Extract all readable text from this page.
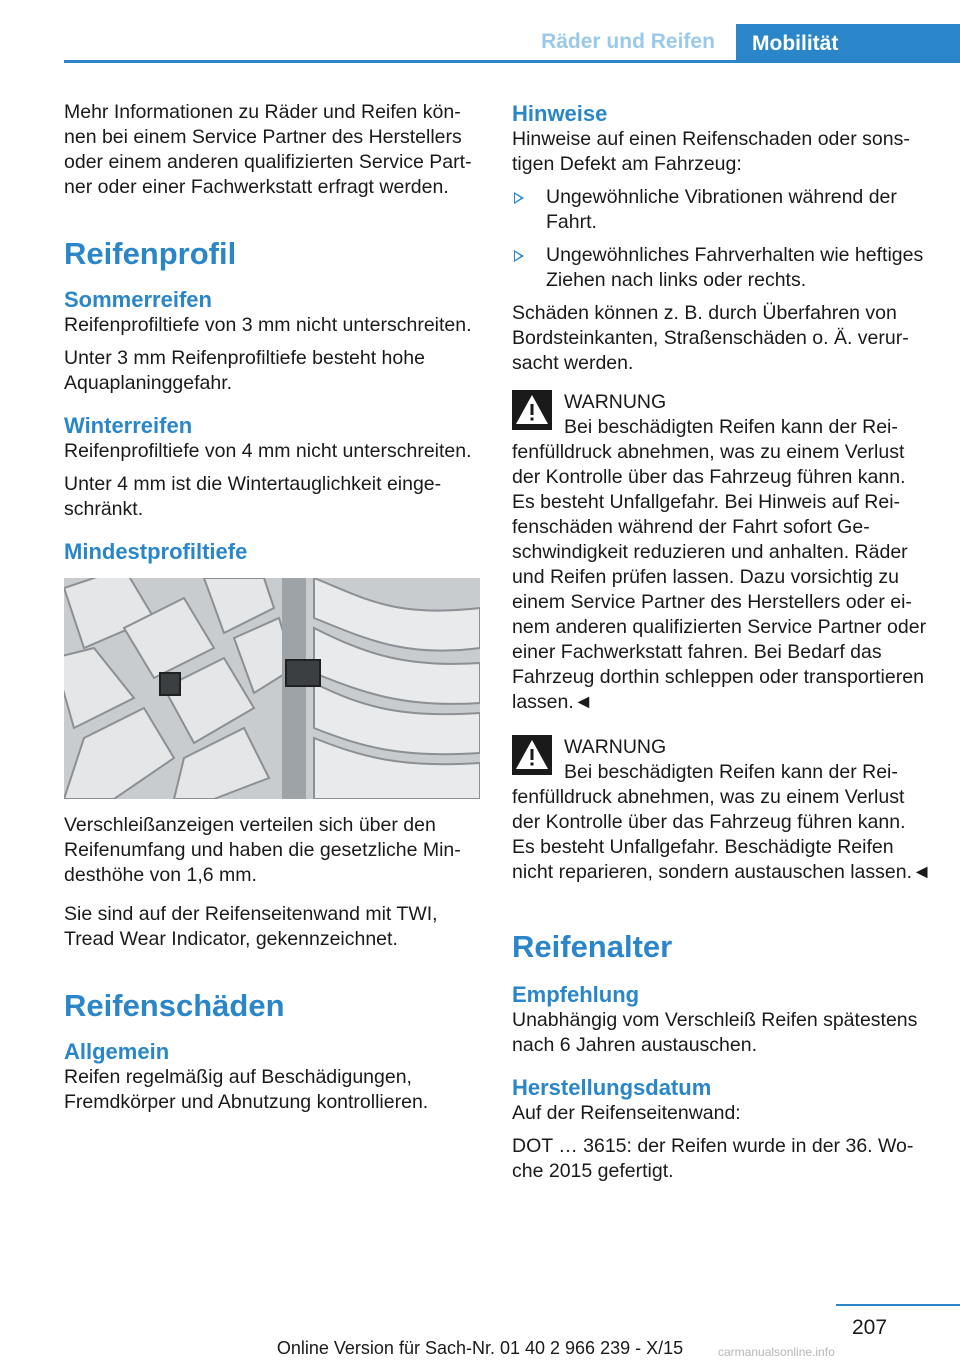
Räder und Reifen	Mobilität

Mehr Informationen zu Räder und Reifen können bei einem Service Partner des Herstellers oder einem anderen qualifizierten Service Partner oder einer Fachwerkstatt erfragt werden.

Reifenprofil
Sommerreifen

Reifenprofiltiefe von 3 mm nicht unterschreiten.

Unter 3 mm Reifenprofiltiefe besteht hohe Aquaplaninggefahr.

Winterreifen

Reifenprofiltiefe von 4 mm nicht unterschreiten.

Unter 4 mm ist die Wintertauglichkeit eingeschränkt.

Mindestprofiltiefe

Verschleißanzeigen verteilen sich über den Reifenumfang und haben die gesetzliche Mindesthöhe von 1,6 mm.

Sie sind auf der Reifenseitenwand mit TWI, Tread Wear Indicator, gekennzeichnet.

Reifenschäden
Allgemein

Reifen regelmäßig auf Beschädigungen, Fremdkörper und Abnutzung kontrollieren.

Hinweise

Hinweise auf einen Reifenschaden oder sonstigen Defekt am Fahrzeug:

Ungewöhnliche Vibrationen während der Fahrt.
Ungewöhnliches Fahrverhalten wie heftiges Ziehen nach links oder rechts.

Schäden können z. B. durch Überfahren von Bordsteinkanten, Straßenschäden o. Ä. verursacht werden.

WARNUNG
Bei beschädigten Reifen kann der Reifenfülldruck abnehmen, was zu einem Verlust der Kontrolle über das Fahrzeug führen kann. Es besteht Unfallgefahr. Bei Hinweis auf Reifenschäden während der Fahrt sofort Geschwindigkeit reduzieren und anhalten. Räder und Reifen prüfen lassen. Dazu vorsichtig zu einem Service Partner des Herstellers oder einem anderen qualifizierten Service Partner oder einer Fachwerkstatt fahren. Bei Bedarf das Fahrzeug dorthin schleppen oder transportieren lassen.◄
WARNUNG
Bei beschädigten Reifen kann der Reifenfülldruck abnehmen, was zu einem Verlust der Kontrolle über das Fahrzeug führen kann. Es besteht Unfallgefahr. Beschädigte Reifen nicht reparieren, sondern austauschen lassen.◄
Reifenalter
Empfehlung

Unabhängig vom Verschleiß Reifen spätestens nach 6 Jahren austauschen.

Herstellungsdatum

Auf der Reifenseitenwand:

DOT … 3615: der Reifen wurde in der 36. Woche 2015 gefertigt.

207
Online Version für Sach-Nr. 01 40 2 966 239 - X/15	carmanualsonline.info
